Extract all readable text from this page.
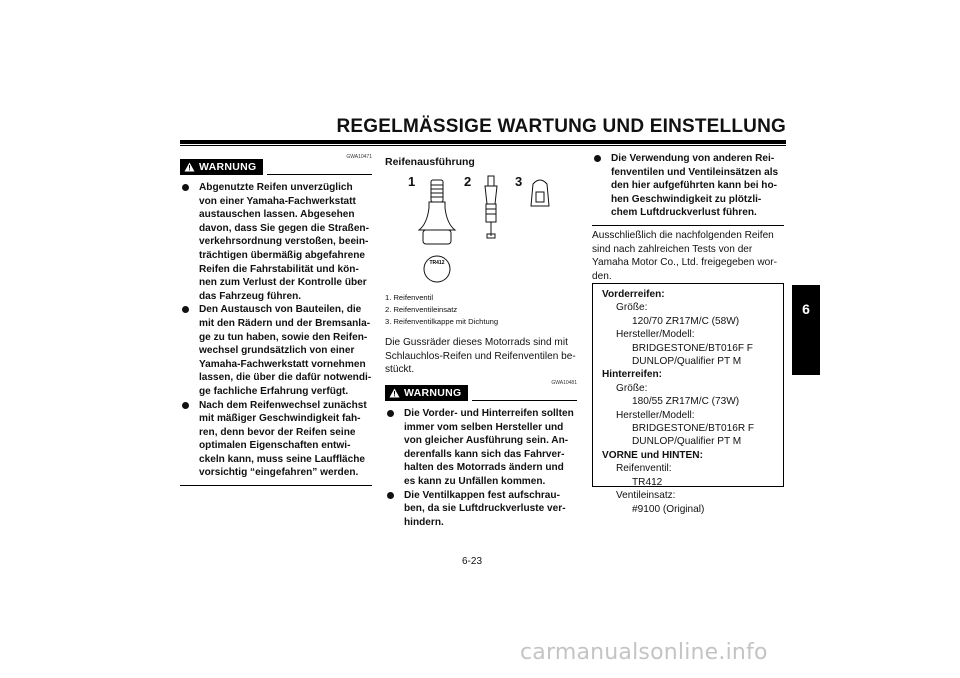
REGELMÄSSIGE WARTUNG UND EINSTELLUNG
6
WARNUNG
GWA10471
Abgenutzte Reifen unverzüglich von einer Yamaha-Fachwerkstatt austauschen lassen. Abgesehen davon, dass Sie gegen die Straßen-verkehrsordnung verstoßen, beein-trächtigen übermäßig abgefahrene Reifen die Fahrstabilität und kön-nen zum Verlust der Kontrolle über das Fahrzeug führen.
Den Austausch von Bauteilen, die mit den Rädern und der Bremsanla-ge zu tun haben, sowie den Reifen-wechsel grundsätzlich von einer Yamaha-Fachwerkstatt vornehmen lassen, die über die dafür notwendi-ge fachliche Erfahrung verfügt.
Nach dem Reifenwechsel zunächst mit mäßiger Geschwindigkeit fah-ren, denn bevor der Reifen seine optimalen Eigenschaften entwi-ckeln kann, muss seine Lauffläche vorsichtig “eingefahren” werden.
Reifenausführung
1	2	3
TR412
1. Reifenventil
2. Reifenventileinsatz
3. Reifenventilkappe mit Dichtung
Die Gussräder dieses Motorrads sind mit Schlauchlos-Reifen und Reifenventilen be-stückt.
WARNUNG
GWA10481
Die Vorder- und Hinterreifen sollten immer vom selben Hersteller und von gleicher Ausführung sein. An-derenfalls kann sich das Fahrver-halten des Motorrads ändern und es kann zu Unfällen kommen.
Die Ventilkappen fest aufschrau-ben, da sie Luftdruckverluste ver-hindern.
Die Verwendung von anderen Rei-fenventilen und Ventileinsätzen als den hier aufgeführten kann bei ho-hen Geschwindigkeit zu plötzli-chem Luftdruckverlust führen.
Ausschließlich die nachfolgenden Reifen sind nach zahlreichen Tests von der Yamaha Motor Co., Ltd. freigegeben wor-den.
Vorderreifen:
Größe:
120/70 ZR17M/C (58W)
Hersteller/Modell:
BRIDGESTONE/BT016F F
DUNLOP/Qualifier PT M
Hinterreifen:
Größe:
180/55 ZR17M/C (73W)
Hersteller/Modell:
BRIDGESTONE/BT016R F
DUNLOP/Qualifier PT M
VORNE und HINTEN:
Reifenventil:
TR412
Ventileinsatz:
#9100 (Original)
6-23
carmanualsonline.info
